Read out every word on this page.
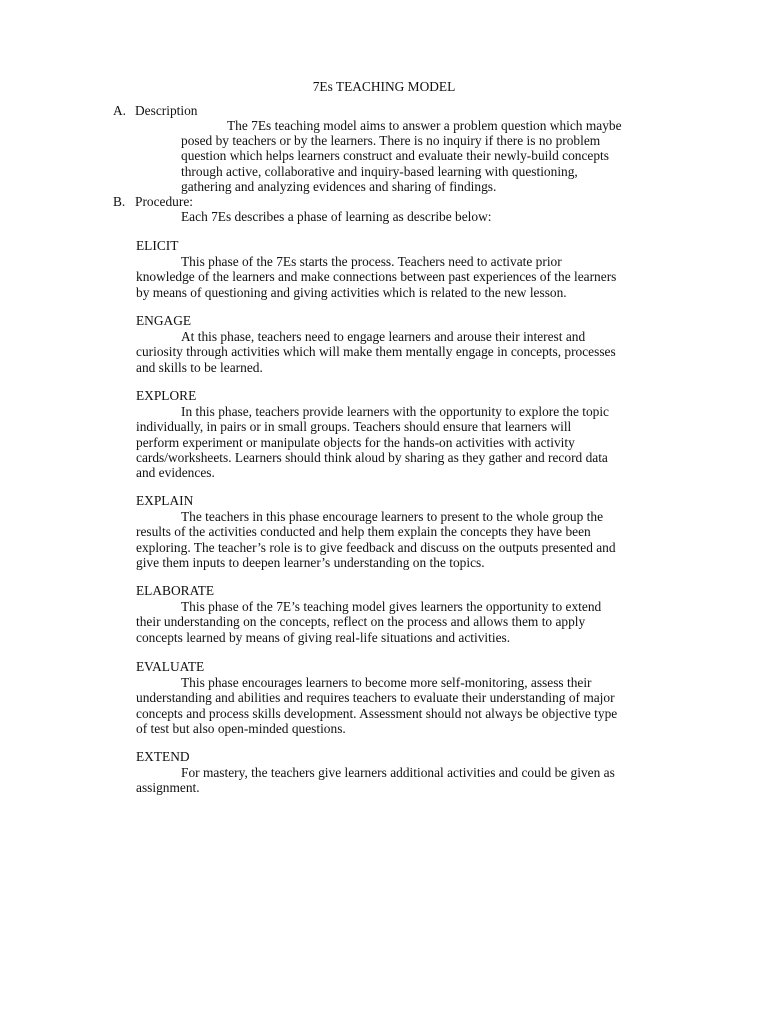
7Es TEACHING MODEL
A. Description
The 7Es teaching model aims to answer a problem question which maybe
posed by teachers or by the learners. There is no inquiry if there is no problem
question which helps learners construct and evaluate their newly-build concepts
through active, collaborative and inquiry-based learning with questioning,
gathering and analyzing evidences and sharing of findings.
B. Procedure:
Each 7Es describes a phase of learning as describe below:
ELICIT
This phase of the 7Es starts the process. Teachers need to activate prior
knowledge of the learners and make connections between past experiences of the learners
by means of questioning and giving activities which is related to the new lesson.
ENGAGE
At this phase, teachers need to engage learners and arouse their interest and
curiosity through activities which will make them mentally engage in concepts, processes
and skills to be learned.
EXPLORE
In this phase, teachers provide learners with the opportunity to explore the topic
individually, in pairs or in small groups. Teachers should ensure that learners will
perform experiment or manipulate objects for the hands-on activities with activity
cards/worksheets. Learners should think aloud by sharing as they gather and record data
and evidences.
EXPLAIN
The teachers in this phase encourage learners to present to the whole group the
results of the activities conducted and help them explain the concepts they have been
exploring. The teacher’s role is to give feedback and discuss on the outputs presented and
give them inputs to deepen learner’s understanding on the topics.
ELABORATE
This phase of the 7E’s teaching model gives learners the opportunity to extend
their understanding on the concepts, reflect on the process and allows them to apply
concepts learned by means of giving real-life situations and activities.
EVALUATE
This phase encourages learners to become more self-monitoring, assess their
understanding and abilities and requires teachers to evaluate their understanding of major
concepts and process skills development. Assessment should not always be objective type
of test but also open-minded questions.
EXTEND
For mastery, the teachers give learners additional activities and could be given as
assignment.
